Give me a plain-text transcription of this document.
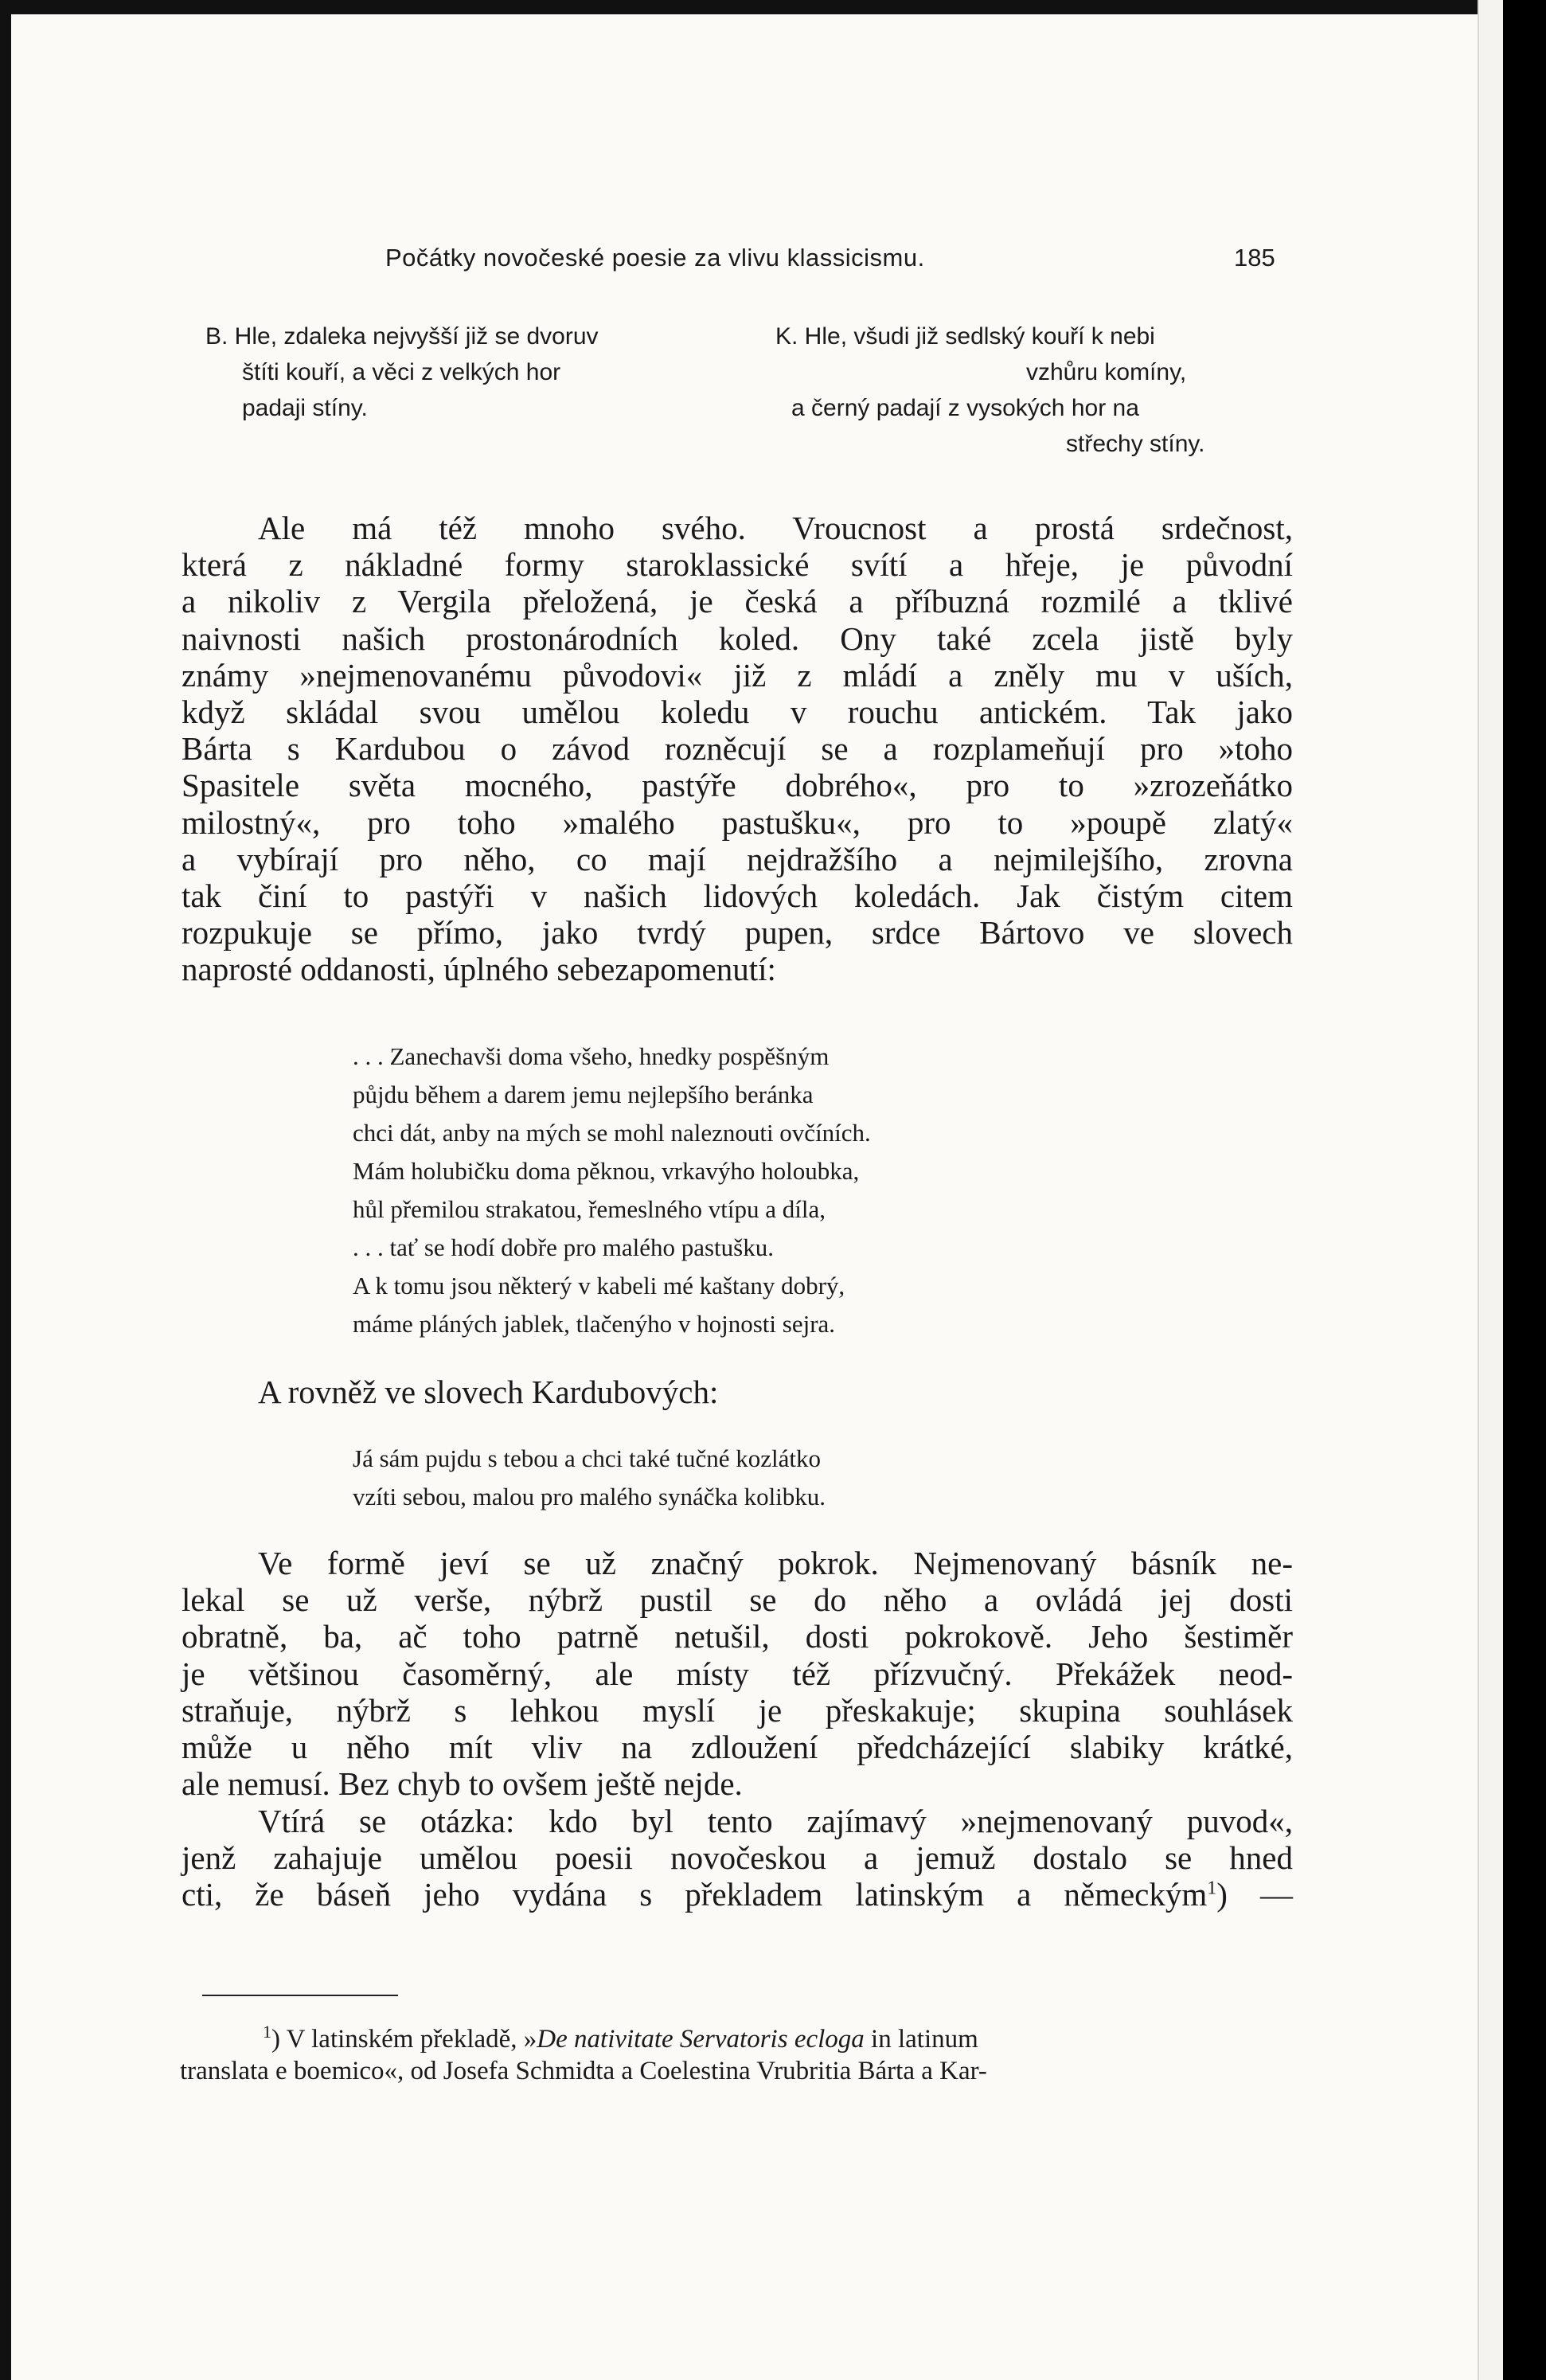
Počátky novočeské poesie za vlivu klassicismu.	185
B. Hle, zdaleka nejvyšší již se dvoruv
štíti kouří, a věci z velkých hor
padaji stíny.
K. Hle, všudi již sedlský kouří k nebi
vzhůru komíny,
a černý padají z vysokých hor na
střechy stíny.
Ale má též mnoho svého. Vroucnost a prostá srdečnost,
která z nákladné formy staroklassické svítí a hřeje, je původní
a nikoliv z Vergila přeložená, je česká a příbuzná rozmilé a tklivé
naivnosti našich prostonárodních koled. Ony také zcela jistě byly
známy »nejmenovanému původovi« již z mládí a zněly mu v uších,
když skládal svou umělou koledu v rouchu antickém. Tak jako
Bárta s Kardubou o závod rozněcují se a rozplameňují pro »toho
Spasitele světa mocného, pastýře dobrého«, pro to »zrozeňátko
milostný«, pro toho »malého pastušku«, pro to »poupě zlatý«
a vybírají pro něho, co mají nejdražšího a nejmilejšího, zrovna
tak činí to pastýři v našich lidových koledách. Jak čistým citem
rozpukuje se přímo, jako tvrdý pupen, srdce Bártovo ve slovech
naprosté oddanosti, úplného sebezapomenutí:
. . . Zanechavši doma všeho, hnedky pospěšným
půjdu během a darem jemu nejlepšího beránka
chci dát, anby na mých se mohl naleznouti ovčíních.
Mám holubičku doma pěknou, vrkavýho holoubka,
hůl přemilou strakatou, řemeslného vtípu a díla,
. . . tať se hodí dobře pro malého pastušku.
A k tomu jsou některý v kabeli mé kaštany dobrý,
máme pláných jablek, tlačenýho v hojnosti sejra.
A rovněž ve slovech Kardubových:
Já sám pujdu s tebou a chci také tučné kozlátko
vzíti sebou, malou pro malého synáčka kolibku.
Ve formě jeví se už značný pokrok. Nejmenovaný básník ne-
lekal se už verše, nýbrž pustil se do něho a ovládá jej dosti
obratně, ba, ač toho patrně netušil, dosti pokrokově. Jeho šestiměr
je většinou časoměrný, ale místy též přízvučný. Překážek neod-
straňuje, nýbrž s lehkou myslí je přeskakuje; skupina souhlásek
může u něho mít vliv na zdloužení předcházející slabiky krátké,
ale nemusí. Bez chyb to ovšem ještě nejde.
Vtírá se otázka: kdo byl tento zajímavý »nejmenovaný puvod«,
jenž zahajuje umělou poesii novočeskou a jemuž dostalo se hned
cti, že báseň jeho vydána s překladem latinským a německým$^1$) —
$^1$) V latinském překladě, »De nativitate Servatoris ecloga in latinum
translata e boemico«, od Josefa Schmidta a Coelestina Vrubritia Bárta a Kar-
